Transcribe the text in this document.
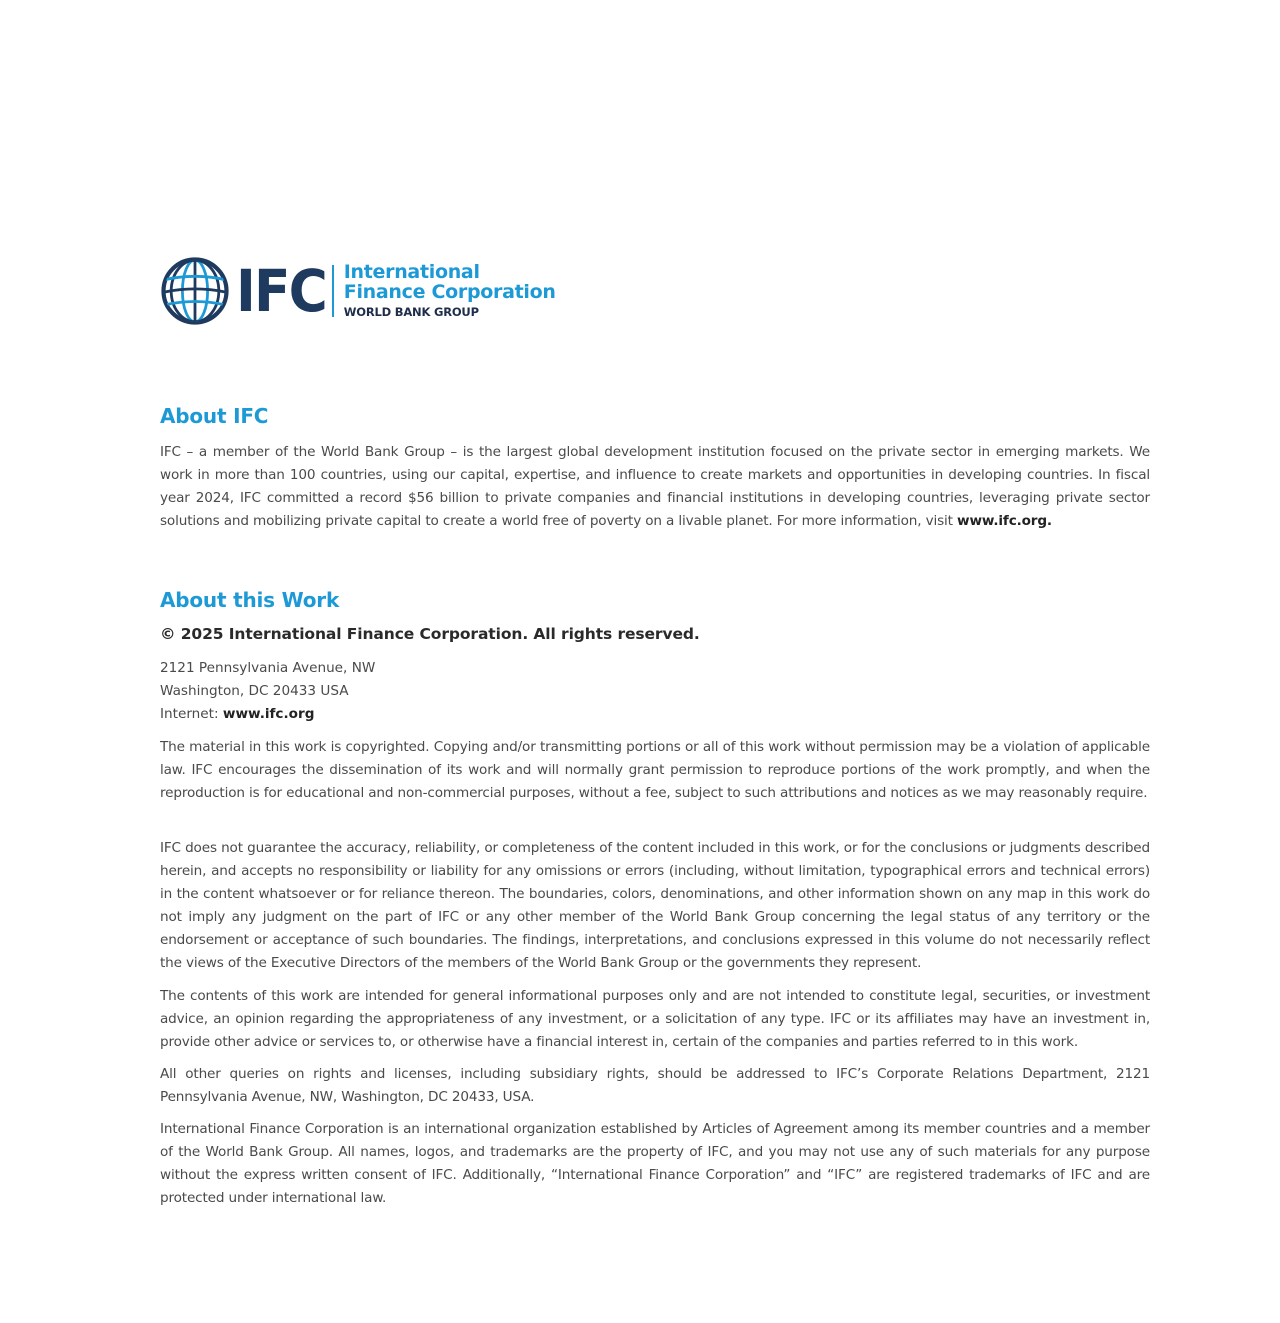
IFC International
Finance Corporation
WORLD BANK GROUP
About IFC

IFC – a member of the World Bank Group – is the largest global development institution focused on the private sector in emerging markets. We work in more than 100 countries, using our capital, expertise, and influence to create markets and opportunities in developing countries. In fiscal year 2024, IFC committed a record $56 billion to private companies and financial institutions in developing countries, leveraging private sector solutions and mobilizing private capital to create a world free of poverty on a livable planet. For more information, visit www.ifc.org.

About this Work

© 2025 International Finance Corporation. All rights reserved.

2121 Pennsylvania Avenue, NW

Washington, DC 20433 USA

Internet: www.ifc.org

The material in this work is copyrighted. Copying and/or transmitting portions or all of this work without permission may be a violation of applicable law. IFC encourages the dissemination of its work and will normally grant permission to reproduce portions of the work promptly, and when the reproduction is for educational and non-commercial purposes, without a fee, subject to such attributions and notices as we may reasonably require.

IFC does not guarantee the accuracy, reliability, or completeness of the content included in this work, or for the conclusions or judgments described herein, and accepts no responsibility or liability for any omissions or errors (including, without limitation, typographical errors and technical errors) in the content whatsoever or for reliance thereon. The boundaries, colors, denominations, and other information shown on any map in this work do not imply any judgment on the part of IFC or any other member of the World Bank Group concerning the legal status of any territory or the endorsement or acceptance of such boundaries. The findings, interpretations, and conclusions expressed in this volume do not necessarily reflect the views of the Executive Directors of the members of the World Bank Group or the governments they represent.

The contents of this work are intended for general informational purposes only and are not intended to constitute legal, securities, or investment advice, an opinion regarding the appropriateness of any investment, or a solicitation of any type. IFC or its affiliates may have an investment in, provide other advice or services to, or otherwise have a financial interest in, certain of the companies and parties referred to in this work.

All other queries on rights and licenses, including subsidiary rights, should be addressed to IFC’s Corporate Relations Department, 2121 Pennsylvania Avenue, NW, Washington, DC 20433, USA.

International Finance Corporation is an international organization established by Articles of Agreement among its member countries and a member of the World Bank Group. All names, logos, and trademarks are the property of IFC, and you may not use any of such materials for any purpose without the express written consent of IFC. Additionally, “International Finance Corporation” and “IFC” are registered trademarks of IFC and are protected under international law.
